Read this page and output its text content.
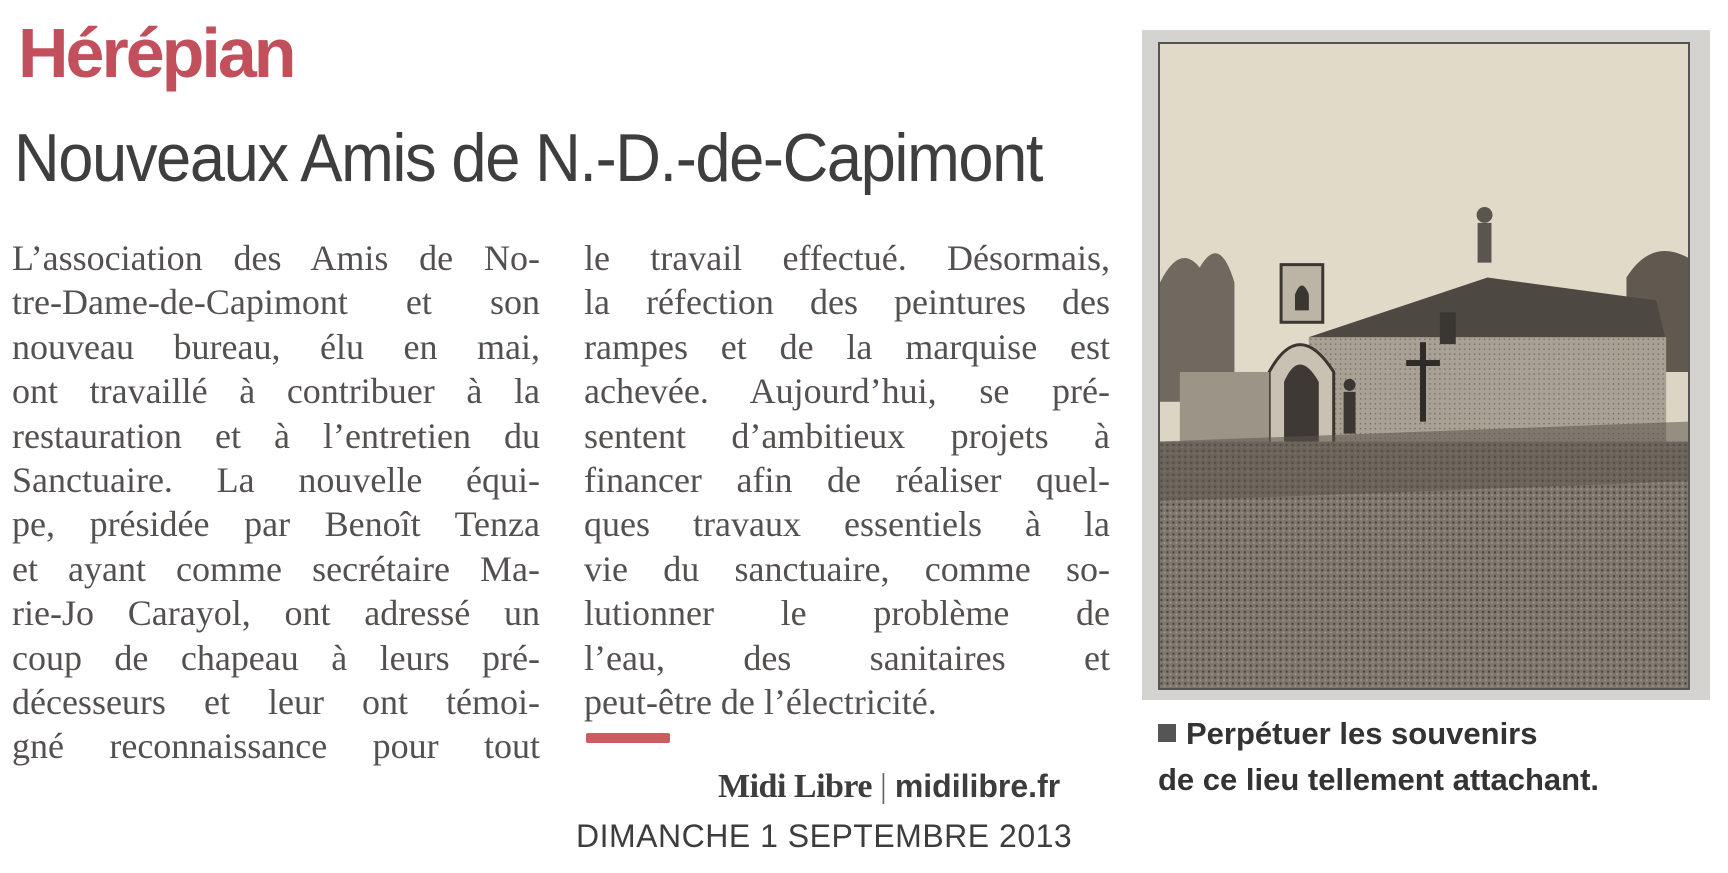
Hérépian
Nouveaux Amis de N.-D.-de-Capimont
L’association des Amis de No-
tre-Dame-de-Capimont et son
nouveau bureau, élu en mai,
ont travaillé à contribuer à la
restauration et à l’entretien du
Sanctuaire. La nouvelle équi-
pe, présidée par Benoît Tenza
et ayant comme secrétaire Ma-
rie-Jo Carayol, ont adressé un
coup de chapeau à leurs pré-
décesseurs et leur ont témoi-
gné reconnaissance pour tout
le travail effectué. Désormais,
la réfection des peintures des
rampes et de la marquise est
achevée. Aujourd’hui, se pré-
sentent d’ambitieux projets à
financer afin de réaliser quel-
ques travaux essentiels à la
vie du sanctuaire, comme so-
lutionner le problème de
l’eau, des sanitaires et
peut-être de l’électricité.
Midi Libre | midilibre.fr
DIMANCHE 1 SEPTEMBRE 2013
Perpétuer les souvenirs
de ce lieu tellement attachant.
